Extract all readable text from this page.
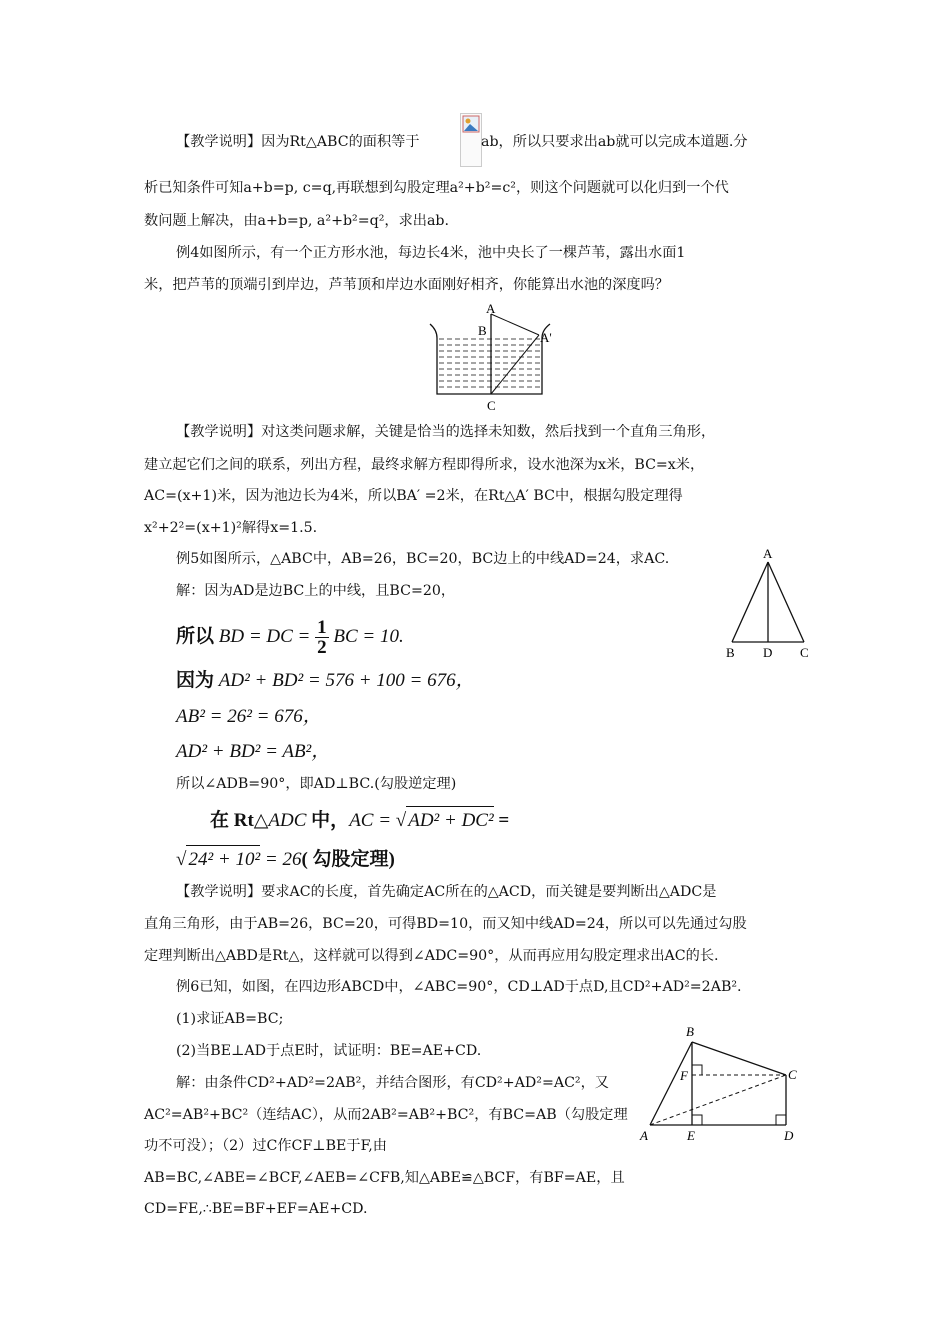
【教学说明】因为Rt△ABC的面积等于	ab，所以只要求出ab就可以完成本道题.分
析已知条件可知a+b=p, c=q,再联想到勾股定理a²+b²=c²，则这个问题就可以化归到一个代
数问题上解决，由a+b=p, a²+b²=q²，求出ab.
例4如图所示，有一个正方形水池，每边长4米，池中央长了一棵芦苇，露出水面1
米，把芦苇的顶端引到岸边，芦苇顶和岸边水面刚好相齐，你能算出水池的深度吗？
A
B	A'
C
【教学说明】对这类问题求解，关键是恰当的选择未知数，然后找到一个直角三角形，
建立起它们之间的联系，列出方程，最终求解方程即得所求，设水池深为x米，BC=x米，
AC=(x+1)米，因为池边长为4米，所以BA′ =2米，在Rt△A′ BC中，根据勾股定理得
x²+2²=(x+1)²解得x=1.5.
例5如图所示，△ABC中，AB=26，BC=20，BC边上的中线AD=24，求AC.
解：因为AD是边BC上的中线，且BC=20，
所以 BD = DC = $\frac{1}{2}$ BC = 10.
因为 AD² + BD² = 576 + 100 = 676，
AB² = 26² = 676，
AD² + BD² = AB²，
所以∠ADB=90°，即AD⊥BC.(勾股逆定理)
在 Rt△ADC 中，AC = √ AD² + DC² =
√ 24² + 10² = 26( 勾股定理)
A
B D C
【教学说明】要求AC的长度，首先确定AC所在的△ACD，而关键是要判断出△ADC是
直角三角形，由于AB=26，BC=20，可得BD=10，而又知中线AD=24，所以可以先通过勾股
定理判断出△ABD是Rt△，这样就可以得到∠ADC=90°，从而再应用勾股定理求出AC的长.
例6已知，如图，在四边形ABCD中，∠ABC=90°，CD⊥AD于点D,且CD²+AD²=2AB².
(1)求证AB=BC;
(2)当BE⊥AD于点E时，试证明：BE=AE+CD.
解：由条件CD²+AD²=2AB²，并结合图形，有CD²+AD²=AC²，又
AC²=AB²+BC²（连结AC），从而2AB²=AB²+BC²，有BC=AB（勾股定理
功不可没）；（2）过C作CF⊥BE于F,由
AB=BC,∠ABE=∠BCF,∠AEB=∠CFB,知△ABE≌△BCF，有BF=AE，且
CD=FE,∴BE=BF+EF=AE+CD.
B
F	C
A	E	D
